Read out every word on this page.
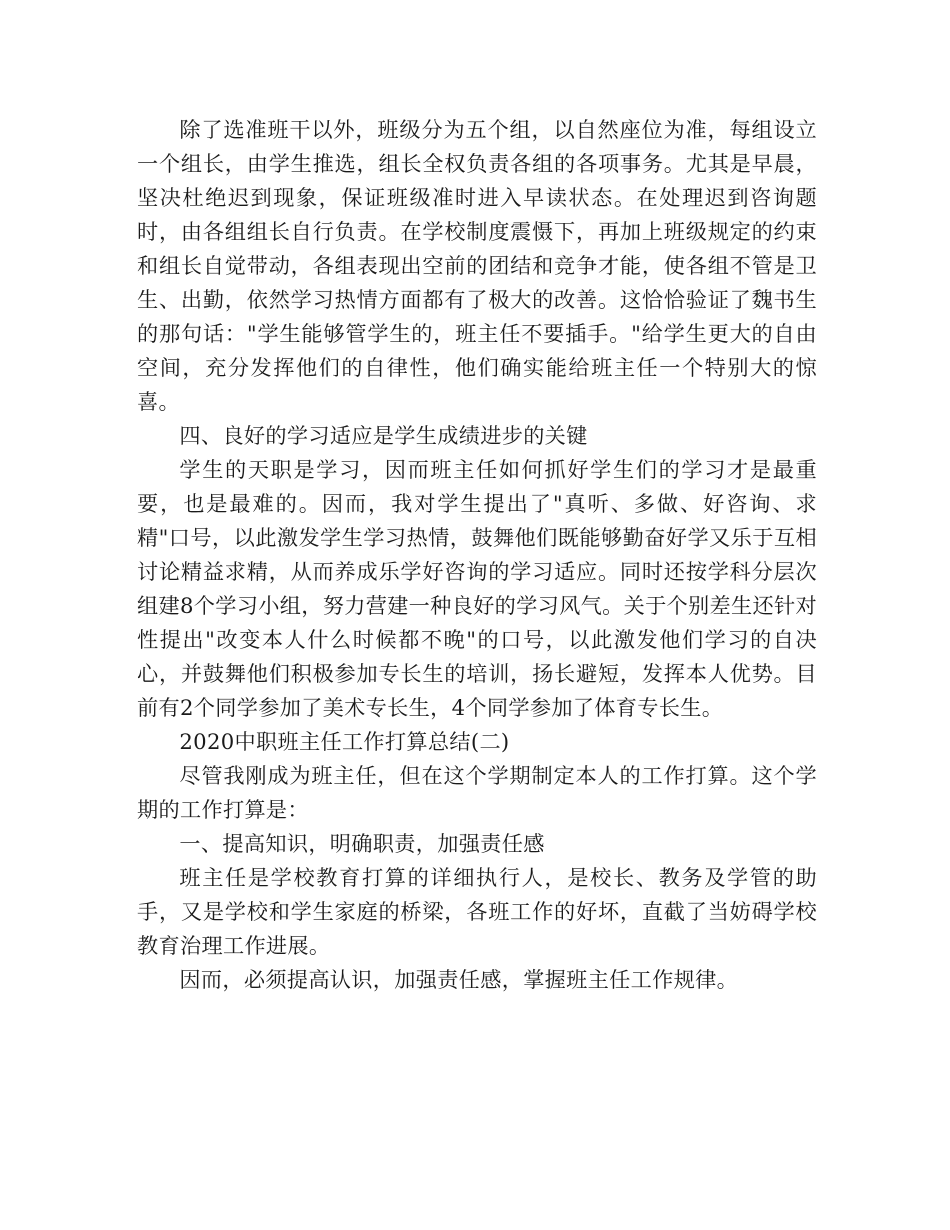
除了选准班干以外，班级分为五个组，以自然座位为准，每组设立一个组长，由学生推选，组长全权负责各组的各项事务。尤其是早晨，坚决杜绝迟到现象，保证班级准时进入早读状态。在处理迟到咨询题时，由各组组长自行负责。在学校制度震慑下，再加上班级规定的约束和组长自觉带动，各组表现出空前的团结和竞争才能，使各组不管是卫生、出勤，依然学习热情方面都有了极大的改善。这恰恰验证了魏书生的那句话："学生能够管学生的，班主任不要插手。"给学生更大的自由空间，充分发挥他们的自律性，他们确实能给班主任一个特别大的惊喜。

四、良好的学习适应是学生成绩进步的关键

学生的天职是学习，因而班主任如何抓好学生们的学习才是最重要，也是最难的。因而，我对学生提出了"真听、多做、好咨询、求精"口号，以此激发学生学习热情，鼓舞他们既能够勤奋好学又乐于互相讨论精益求精，从而养成乐学好咨询的学习适应。同时还按学科分层次组建8个学习小组，努力营建一种良好的学习风气。关于个别差生还针对性提出"改变本人什么时候都不晚"的口号，以此激发他们学习的自决心，并鼓舞他们积极参加专长生的培训，扬长避短，发挥本人优势。目前有2个同学参加了美术专长生，4个同学参加了体育专长生。

2020中职班主任工作打算总结(二)

尽管我刚成为班主任，但在这个学期制定本人的工作打算。这个学期的工作打算是：

一、提高知识，明确职责，加强责任感

班主任是学校教育打算的详细执行人，是校长、教务及学管的助手，又是学校和学生家庭的桥梁，各班工作的好坏，直截了当妨碍学校教育治理工作进展。

因而，必须提高认识，加强责任感，掌握班主任工作规律。
